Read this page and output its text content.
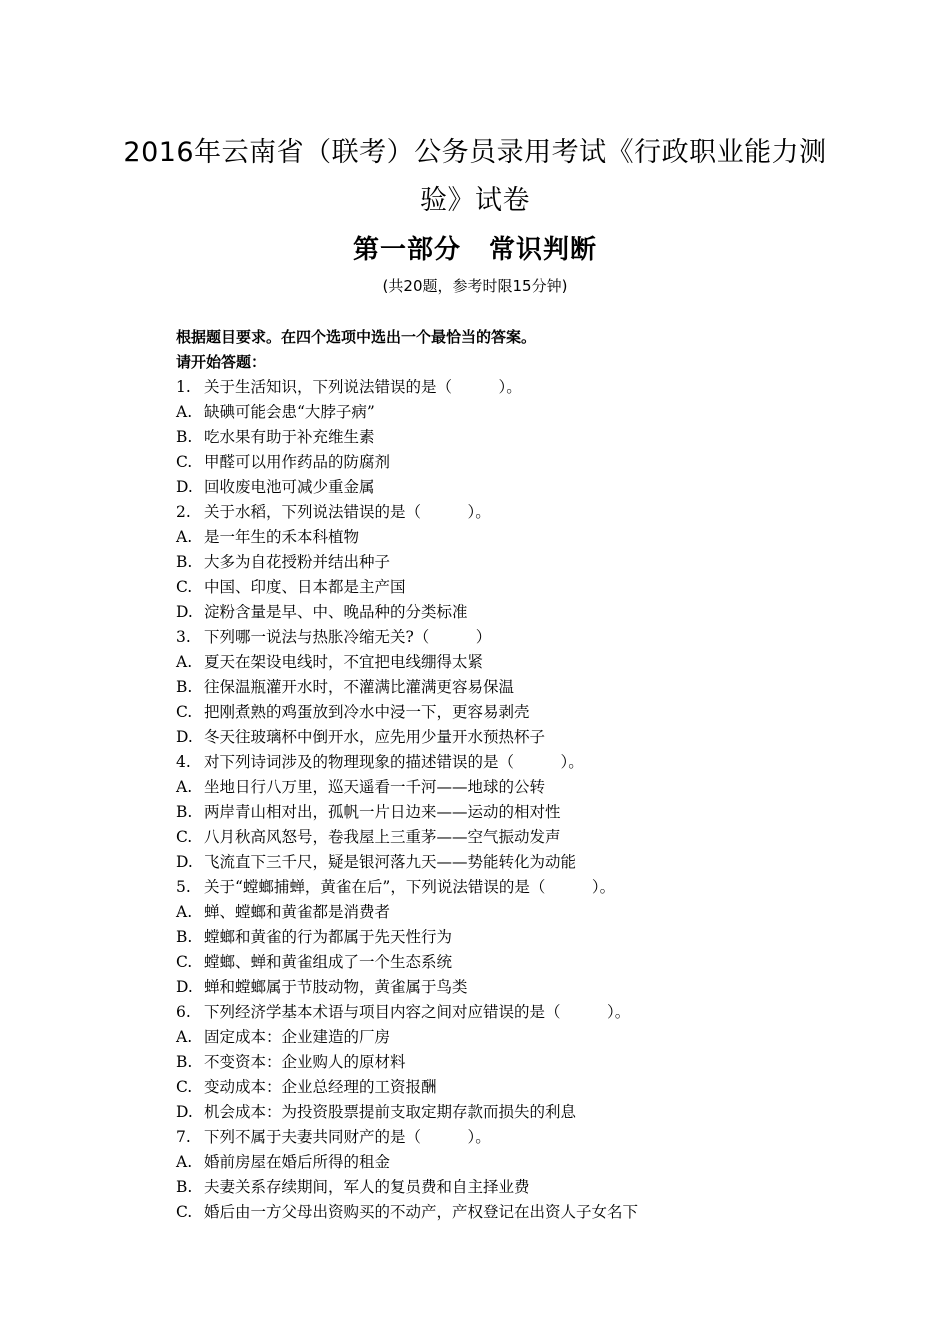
2016年云南省（联考）公务员录用考试《行政职业能力测
验》试卷
第一部分 常识判断
(共20题，参考时限15分钟)
根据题目要求。在四个选项中选出一个最恰当的答案。
请开始答题：
1. 关于生活知识，下列说法错误的是（　　　）。
A. 缺碘可能会患“大脖子病”
B. 吃水果有助于补充维生素
C. 甲醛可以用作药品的防腐剂
D. 回收废电池可减少重金属
2. 关于水稻，下列说法错误的是（　　　）。
A. 是一年生的禾本科植物
B. 大多为自花授粉并结出种子
C. 中国、印度、日本都是主产国
D. 淀粉含量是早、中、晚品种的分类标准
3. 下列哪一说法与热胀冷缩无关?（　　　）
A. 夏天在架设电线时，不宜把电线绷得太紧
B. 往保温瓶灌开水时，不灌满比灌满更容易保温
C. 把刚煮熟的鸡蛋放到冷水中浸一下，更容易剥壳
D. 冬天往玻璃杯中倒开水，应先用少量开水预热杯子
4. 对下列诗词涉及的物理现象的描述错误的是（　　　）。
A. 坐地日行八万里，巡天遥看一千河——地球的公转
B. 两岸青山相对出，孤帆一片日边来——运动的相对性
C. 八月秋高风怒号，卷我屋上三重茅——空气振动发声
D. 飞流直下三千尺，疑是银河落九天——势能转化为动能
5. 关于“螳螂捕蝉，黄雀在后”，下列说法错误的是（　　　）。
A. 蝉、螳螂和黄雀都是消费者
B. 螳螂和黄雀的行为都属于先天性行为
C. 螳螂、蝉和黄雀组成了一个生态系统
D. 蝉和螳螂属于节肢动物，黄雀属于鸟类
6. 下列经济学基本术语与项目内容之间对应错误的是（　　　）。
A. 固定成本：企业建造的厂房
B. 不变资本：企业购人的原材料
C. 变动成本：企业总经理的工资报酬
D. 机会成本：为投资股票提前支取定期存款而损失的利息
7. 下列不属于夫妻共同财产的是（　　　）。
A. 婚前房屋在婚后所得的租金
B. 夫妻关系存续期间，军人的复员费和自主择业费
C. 婚后由一方父母出资购买的不动产，产权登记在出资人子女名下
